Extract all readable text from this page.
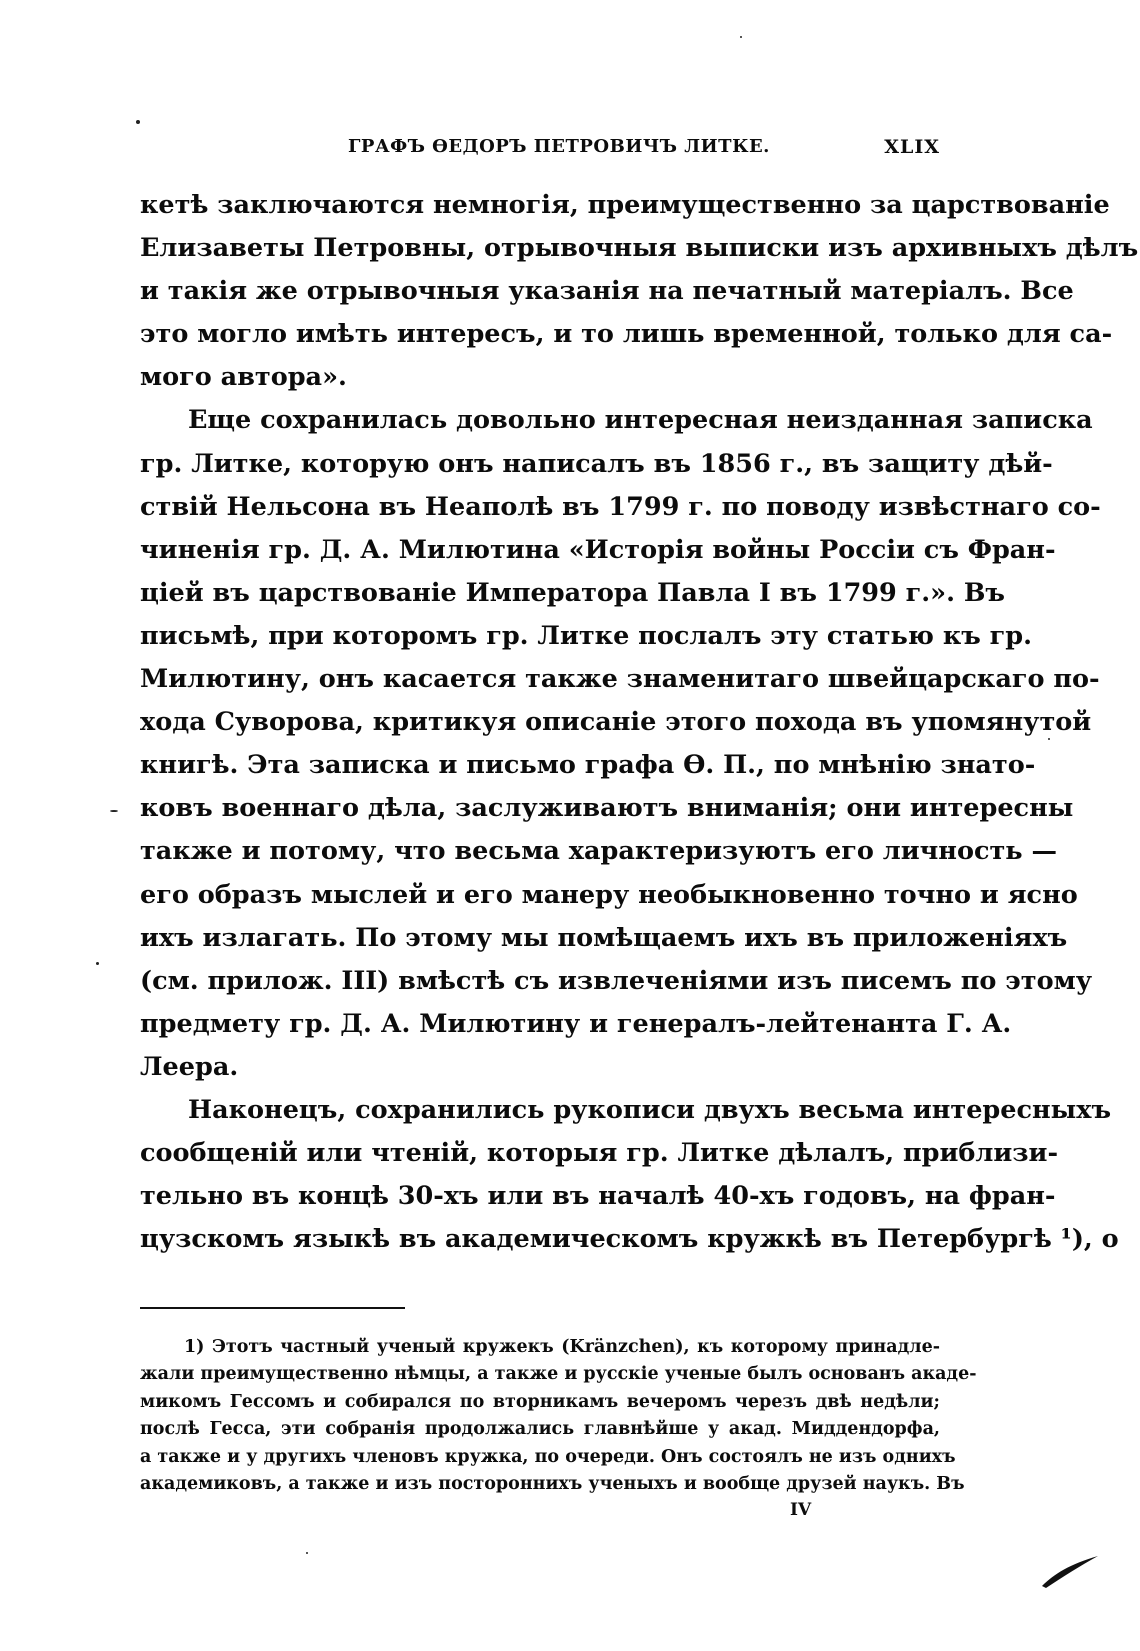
ГРАФЪ ѲЕДОРЪ ПЕТРОВИЧЪ ЛИТКЕ.	XLIX
кетѣ заключаются немногія, преимущественно за царствованіе
Елизаветы Петровны, отрывочныя выписки изъ архивныхъ дѣлъ
и такія же отрывочныя указанія на печатный матеріалъ. Все
это могло имѣть интересъ, и то лишь временной, только для са-
мого автора».
Еще сохранилась довольно интересная неизданная записка
гр. Литке, которую онъ написалъ въ 1856 г., въ защиту дѣй-
ствій Нельсона въ Неаполѣ въ 1799 г. по поводу извѣстнаго со-
чиненія гр. Д. А. Милютина «Исторія войны Россіи съ Фран-
ціей въ царствованіе Императора Павла I въ 1799 г.». Въ
письмѣ, при которомъ гр. Литке послалъ эту статью къ гр.
Милютину, онъ касается также знаменитаго швейцарскаго по-
хода Суворова, критикуя описаніе этого похода въ упомянутой
книгѣ. Эта записка и письмо графа Ѳ. П., по мнѣнію знато-
ковъ военнаго дѣла, заслуживаютъ вниманія; они интересны
также и потому, что весьма характеризуютъ его личность —
его образъ мыслей и его манеру необыкновенно точно и ясно
ихъ излагать. По этому мы помѣщаемъ ихъ въ приложеніяхъ
(см. прилож. III) вмѣстѣ съ извлеченіями изъ писемъ по этому
предмету гр. Д. А. Милютину и генералъ-лейтенанта Г. А.
Леера.
Наконецъ, сохранились рукописи двухъ весьма интересныхъ
сообщеній или чтеній, которыя гр. Литке дѣлалъ, приблизи-
тельно въ концѣ 30-хъ или въ началѣ 40-хъ годовъ, на фран-
цузскомъ языкѣ въ академическомъ кружкѣ въ Петербургѣ ¹), о
1) Этотъ частный ученый кружекъ (Kränzchen), къ которому принадле-
жали преимущественно нѣмцы, а также и русскіе ученые былъ основанъ акаде-
микомъ Гессомъ и собирался по вторникамъ вечеромъ черезъ двѣ недѣли;
послѣ Гесса, эти собранія продолжались главнѣйше у акад. Миддендорфа,
а также и у другихъ членовъ кружка, по очереди. Онъ состоялъ не изъ однихъ
академиковъ, а также и изъ постороннихъ ученыхъ и вообще друзей наукъ. Въ
IV
